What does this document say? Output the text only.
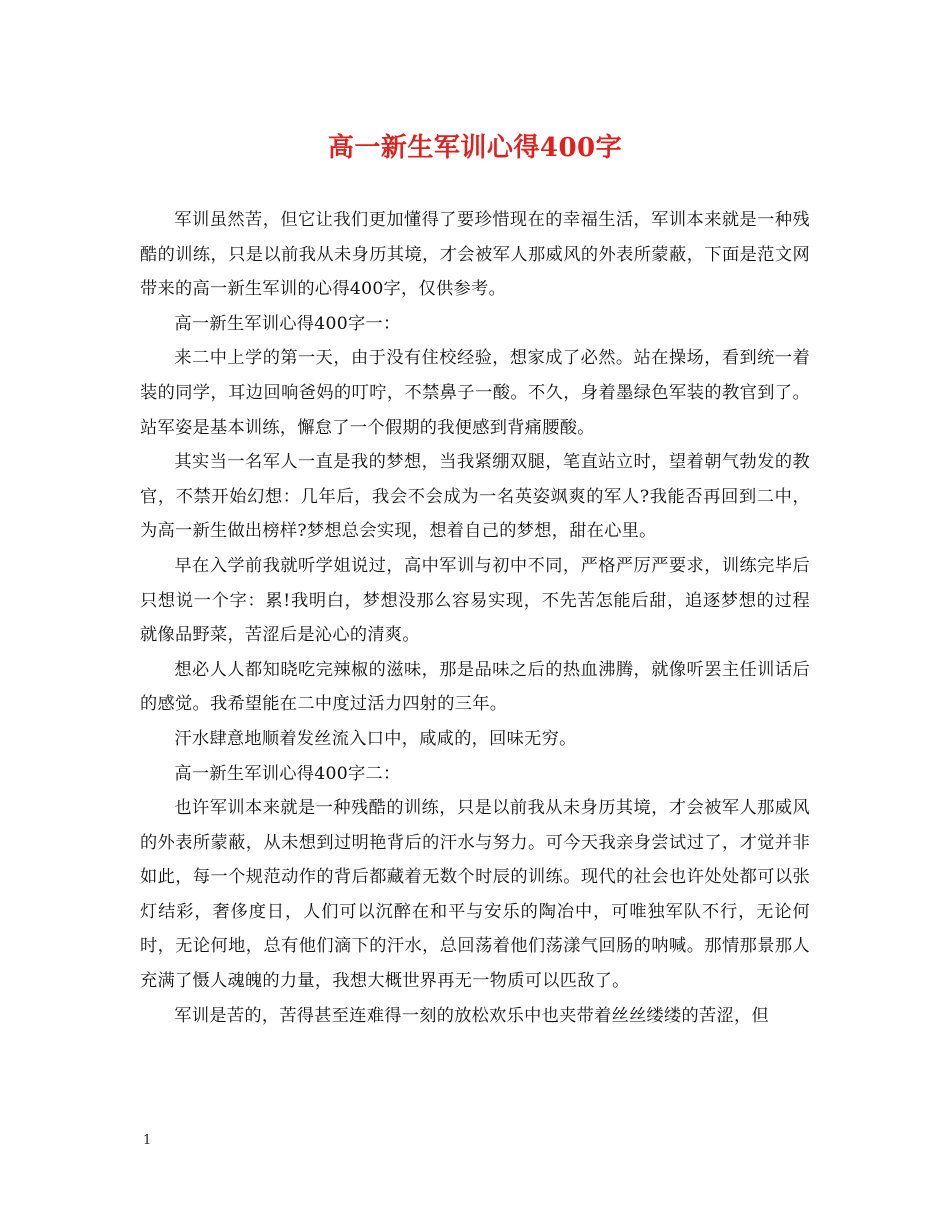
高一新生军训心得400字

军训虽然苦，但它让我们更加懂得了要珍惜现在的幸福生活，军训本来就是一种残酷的训练，只是以前我从未身历其境，才会被军人那威风的外表所蒙蔽，下面是范文网带来的高一新生军训的心得400字，仅供参考。

高一新生军训心得400字一：

来二中上学的第一天，由于没有住校经验，想家成了必然。站在操场，看到统一着装的同学，耳边回响爸妈的叮咛，不禁鼻子一酸。不久，身着墨绿色军装的教官到了。站军姿是基本训练，懈怠了一个假期的我便感到背痛腰酸。

其实当一名军人一直是我的梦想，当我紧绷双腿，笔直站立时，望着朝气勃发的教官，不禁开始幻想：几年后，我会不会成为一名英姿飒爽的军人?我能否再回到二中，为高一新生做出榜样?梦想总会实现，想着自己的梦想，甜在心里。

早在入学前我就听学姐说过，高中军训与初中不同，严格严厉严要求，训练完毕后只想说一个字：累!我明白，梦想没那么容易实现，不先苦怎能后甜，追逐梦想的过程就像品野菜，苦涩后是沁心的清爽。

想必人人都知晓吃完辣椒的滋味，那是品味之后的热血沸腾，就像听罢主任训话后的感觉。我希望能在二中度过活力四射的三年。

汗水肆意地顺着发丝流入口中，咸咸的，回味无穷。

高一新生军训心得400字二：

也许军训本来就是一种残酷的训练，只是以前我从未身历其境，才会被军人那威风的外表所蒙蔽，从未想到过明艳背后的汗水与努力。可今天我亲身尝试过了，才觉并非如此，每一个规范动作的背后都藏着无数个时辰的训练。现代的社会也许处处都可以张灯结彩，奢侈度日，人们可以沉醉在和平与安乐的陶冶中，可唯独军队不行，无论何时，无论何地，总有他们滴下的汗水，总回荡着他们荡漾气回肠的呐喊。那情那景那人充满了慑人魂魄的力量，我想大概世界再无一物质可以匹敌了。

军训是苦的，苦得甚至连难得一刻的放松欢乐中也夹带着丝丝缕缕的苦涩，但

1
